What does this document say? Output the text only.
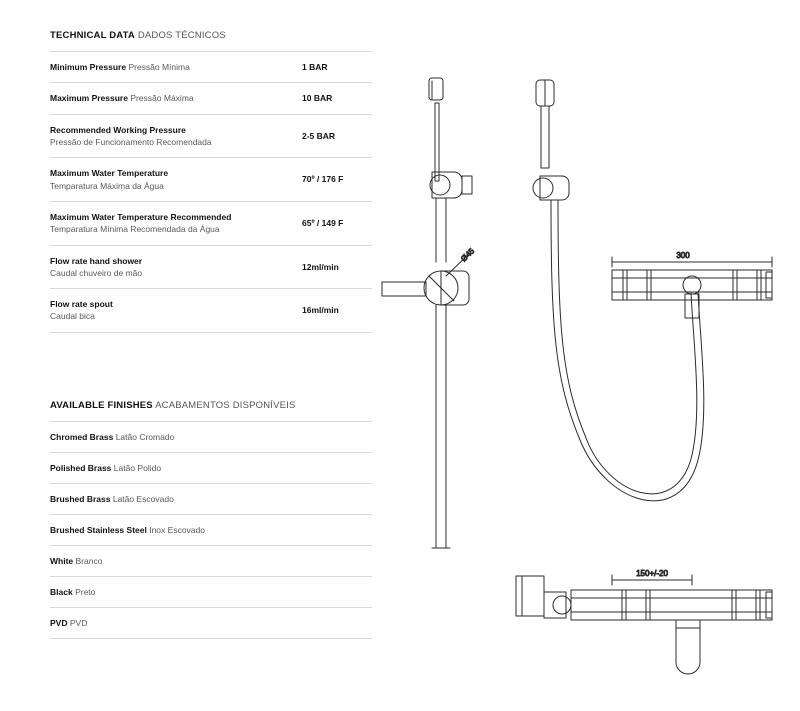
TECHNICAL DATA DADOS TÉCNICOS
Minimum Pressure Pressão Mínima	1 BAR
Maximum Pressure Pressão Máxima	10 BAR

Recommended Working Pressure
Pressão de Funcionamento Recomendada	2-5 BAR

Maximum Water Temperature
Temparatura Máxima da Água	70º / 176 F

Maximum Water Temperature Recommended
Temparatura Mínima Recomendada da Água	65º / 149 F

Flow rate hand shower
Caudal chuveiro de mão	12ml/min

Flow rate spout
Caudal bica	16ml/min
AVAILABLE FINISHES ACABAMENTOS DISPONÍVEIS
Chromed Brass Latão Cromado
Polished Brass Latão Polido
Brushed Brass Latão Escovado
Brushed Stainless Steel Inox Escovado
White Branco
Black Preto
PVD PVD
Ø45	300
150+/-20
